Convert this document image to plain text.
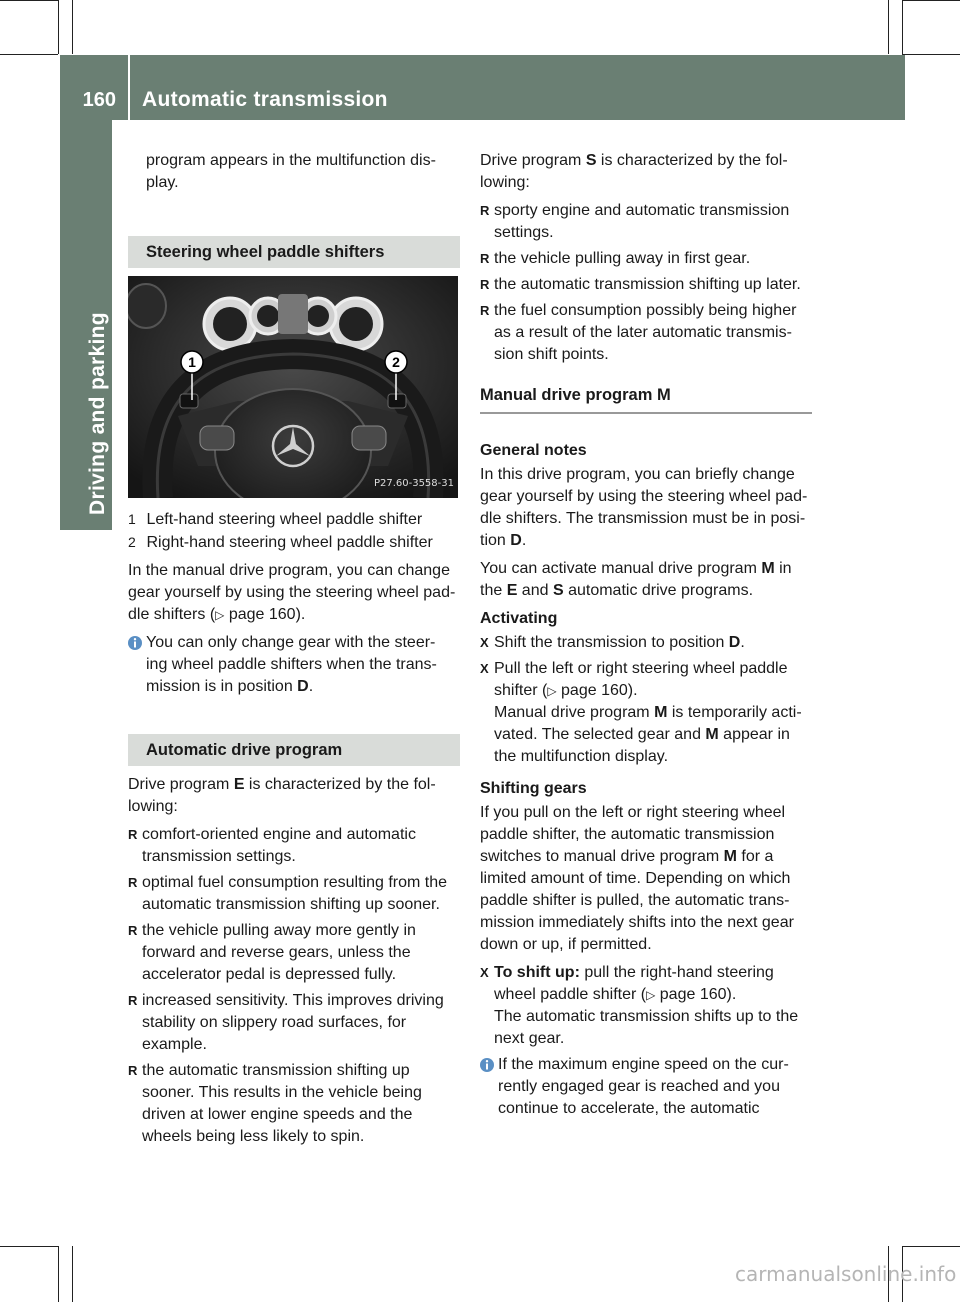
160 Automatic transmission
Driving and parking

program appears in the multifunction dis- play.

Steering wheel paddle shifters
1	2
P27.60-3558-31

1 Left-hand steering wheel paddle shifter

2 Right-hand steering wheel paddle shifter

In the manual drive program, you can change gear yourself by using the steering wheel pad- dle shifters (▷ page 160).

You can only change gear with the steer- ing wheel paddle shifters when the trans- mission is in position D.
Automatic drive program

Drive program E is characterized by the fol- lowing:

R comfort-oriented engine and automatic transmission settings.
R optimal fuel consumption resulting from the automatic transmission shifting up sooner.
R the vehicle pulling away more gently in forward and reverse gears, unless the accelerator pedal is depressed fully.
R increased sensitivity. This improves driving stability on slippery road surfaces, for example.
R the automatic transmission shifting up sooner. This results in the vehicle being driven at lower engine speeds and the wheels being less likely to spin.

Drive program S is characterized by the fol- lowing:

R sporty engine and automatic transmission settings.
R the vehicle pulling away in first gear.
R the automatic transmission shifting up later.
R the fuel consumption possibly being higher as a result of the later automatic transmis- sion shift points.
Manual drive program M

General notes

In this drive program, you can briefly change gear yourself by using the steering wheel pad- dle shifters. The transmission must be in posi- tion D.

You can activate manual drive program M in the E and S automatic drive programs.

Activating

X Shift the transmission to position D.
X Pull the left or right steering wheel paddle shifter (▷ page 160).
Manual drive program M is temporarily acti- vated. The selected gear and M appear in the multifunction display.

Shifting gears

If you pull on the left or right steering wheel paddle shifter, the automatic transmission switches to manual drive program M for a limited amount of time. Depending on which paddle shifter is pulled, the automatic trans- mission immediately shifts into the next gear down or up, if permitted.

X To shift up: pull the right-hand steering wheel paddle shifter (▷ page 160).
The automatic transmission shifts up to the next gear.
If the maximum engine speed on the cur- rently engaged gear is reached and you continue to accelerate, the automatic
carmanualsonline.info
